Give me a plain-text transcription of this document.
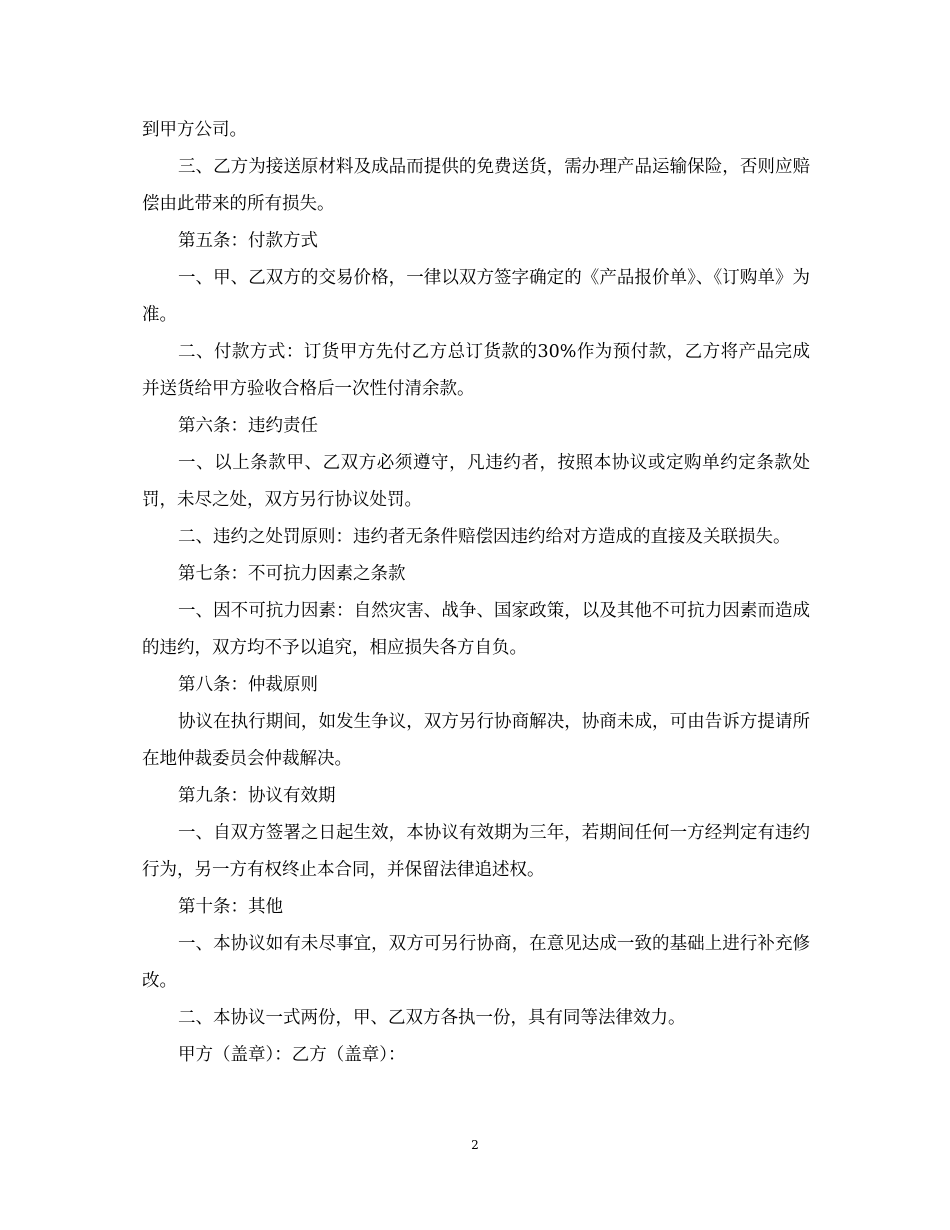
到甲方公司。

三、乙方为接送原材料及成品而提供的免费送货，需办理产品运输保险，否则应赔偿由此带来的所有损失。

第五条：付款方式

一、甲、乙双方的交易价格，一律以双方签字确定的《产品报价单》、《订购单》为准。

二、付款方式：订货甲方先付乙方总订货款的30%作为预付款，乙方将产品完成并送货给甲方验收合格后一次性付清余款。

第六条：违约责任

一、以上条款甲、乙双方必须遵守，凡违约者，按照本协议或定购单约定条款处罚，未尽之处，双方另行协议处罚。

二、违约之处罚原则：违约者无条件赔偿因违约给对方造成的直接及关联损失。

第七条：不可抗力因素之条款

一、因不可抗力因素：自然灾害、战争、国家政策，以及其他不可抗力因素而造成的违约，双方均不予以追究，相应损失各方自负。

第八条：仲裁原则

协议在执行期间，如发生争议，双方另行协商解决，协商未成，可由告诉方提请所在地仲裁委员会仲裁解决。

第九条：协议有效期

一、自双方签署之日起生效，本协议有效期为三年，若期间任何一方经判定有违约行为，另一方有权终止本合同，并保留法律追述权。

第十条：其他

一、本协议如有未尽事宜，双方可另行协商，在意见达成一致的基础上进行补充修改。

二、本协议一式两份，甲、乙双方各执一份，具有同等法律效力。

甲方（盖章）：乙方（盖章）：

2
